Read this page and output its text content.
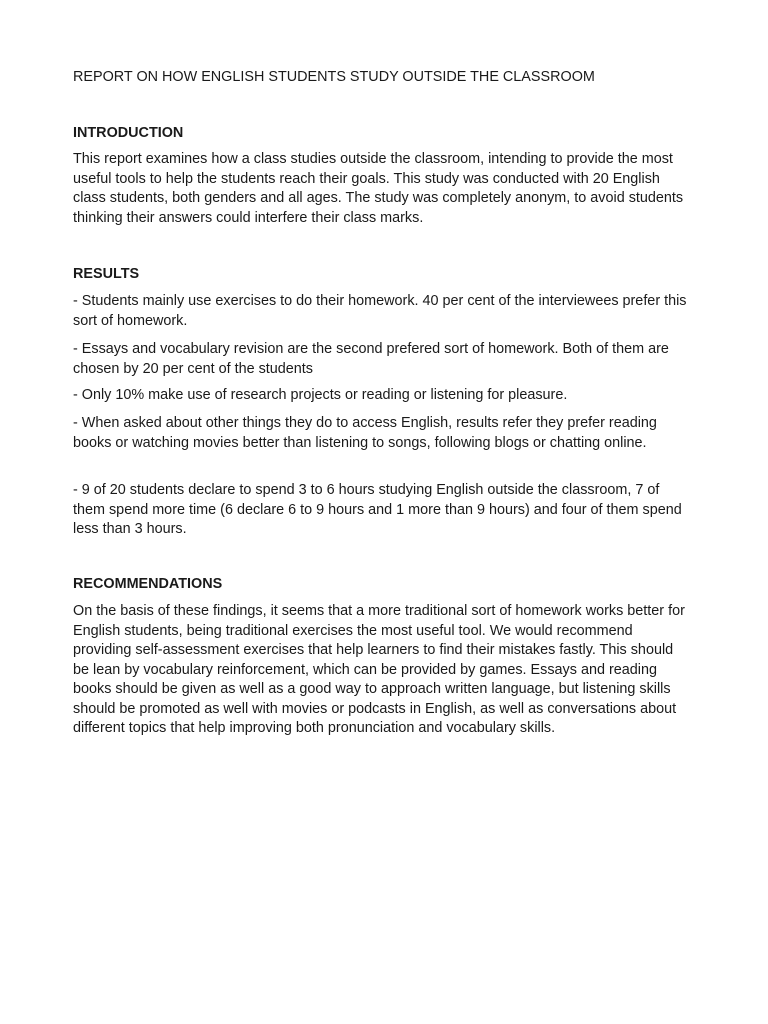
REPORT ON HOW ENGLISH STUDENTS STUDY OUTSIDE THE CLASSROOM
INTRODUCTION

This report examines how a class studies outside the classroom, intending to provide the most useful tools to help the students reach their goals. This study was conducted with 20 English class students, both genders and all ages. The study was completely anonym, to avoid students thinking their answers could interfere their class marks.

RESULTS

- Students mainly use exercises to do their homework. 40 per cent of the interviewees prefer this sort of homework.

- Essays and vocabulary revision are the second prefered sort of homework. Both of them are chosen by 20 per cent of the students

- Only 10% make use of research projects or reading or listening for pleasure.

- When asked about other things they do to access English, results refer they prefer reading books or watching movies better than listening to songs, following blogs or chatting online.

- 9 of 20 students declare to spend 3 to 6 hours studying English outside the classroom, 7 of them spend more time (6 declare 6 to 9 hours and 1 more than 9 hours) and four of them spend less than 3 hours.

RECOMMENDATIONS

On the basis of these findings, it seems that a more traditional sort of homework works better for English students, being traditional exercises the most useful tool. We would recommend providing self-assessment exercises that help learners to find their mistakes fastly. This should be lean by vocabulary reinforcement, which can be provided by games. Essays and reading books should be given as well as a good way to approach written language, but listening skills should be promoted as well with movies or podcasts in English, as well as conversations about different topics that help improving both pronunciation and vocabulary skills.
